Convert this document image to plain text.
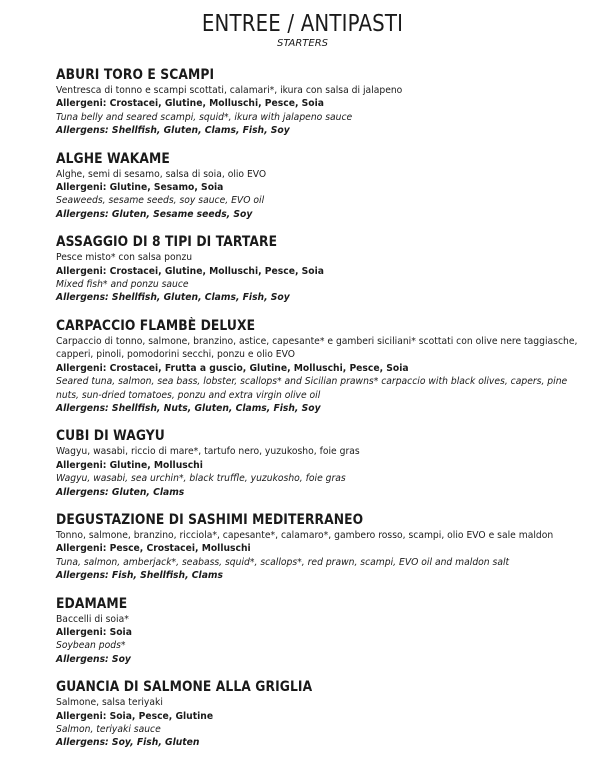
ENTREE / ANTIPASTI
STARTERS
ABURI TORO E SCAMPI
Ventresca di tonno e scampi scottati, calamari*, ikura con salsa di jalapeno
Allergeni: Crostacei, Glutine, Molluschi, Pesce, Soia
Tuna belly and seared scampi, squid*, ikura with jalapeno sauce
Allergens: Shellfish, Gluten, Clams, Fish, Soy
ALGHE WAKAME
Alghe, semi di sesamo, salsa di soia, olio EVO
Allergeni: Glutine, Sesamo, Soia
Seaweeds, sesame seeds, soy sauce, EVO oil
Allergens: Gluten, Sesame seeds, Soy
ASSAGGIO DI 8 TIPI DI TARTARE
Pesce misto* con salsa ponzu
Allergeni: Crostacei, Glutine, Molluschi, Pesce, Soia
Mixed fish* and ponzu sauce
Allergens: Shellfish, Gluten, Clams, Fish, Soy
CARPACCIO FLAMBÈ DELUXE
Carpaccio di tonno, salmone, branzino, astice, capesante* e gamberi siciliani* scottati con olive nere taggiasche, capperi, pinoli, pomodorini secchi, ponzu e olio EVO
Allergeni: Crostacei, Frutta a guscio, Glutine, Molluschi, Pesce, Soia
Seared tuna, salmon, sea bass, lobster, scallops* and Sicilian prawns* carpaccio with black olives, capers, pine nuts, sun-dried tomatoes, ponzu and extra virgin olive oil
Allergens: Shellfish, Nuts, Gluten, Clams, Fish, Soy
CUBI DI WAGYU
Wagyu, wasabi, riccio di mare*, tartufo nero, yuzukosho, foie gras
Allergeni: Glutine, Molluschi
Wagyu, wasabi, sea urchin*, black truffle, yuzukosho, foie gras
Allergens: Gluten, Clams
DEGUSTAZIONE DI SASHIMI MEDITERRANEO
Tonno, salmone, branzino, ricciola*, capesante*, calamaro*, gambero rosso, scampi, olio EVO e sale maldon
Allergeni: Pesce, Crostacei, Molluschi
Tuna, salmon, amberjack*, seabass, squid*, scallops*, red prawn, scampi, EVO oil and maldon salt
Allergens: Fish, Shellfish, Clams
EDAMAME
Baccelli di soia*
Allergeni: Soia
Soybean pods*
Allergens: Soy
GUANCIA DI SALMONE ALLA GRIGLIA
Salmone, salsa teriyaki
Allergeni: Soia, Pesce, Glutine
Salmon, teriyaki sauce
Allergens: Soy, Fish, Gluten
